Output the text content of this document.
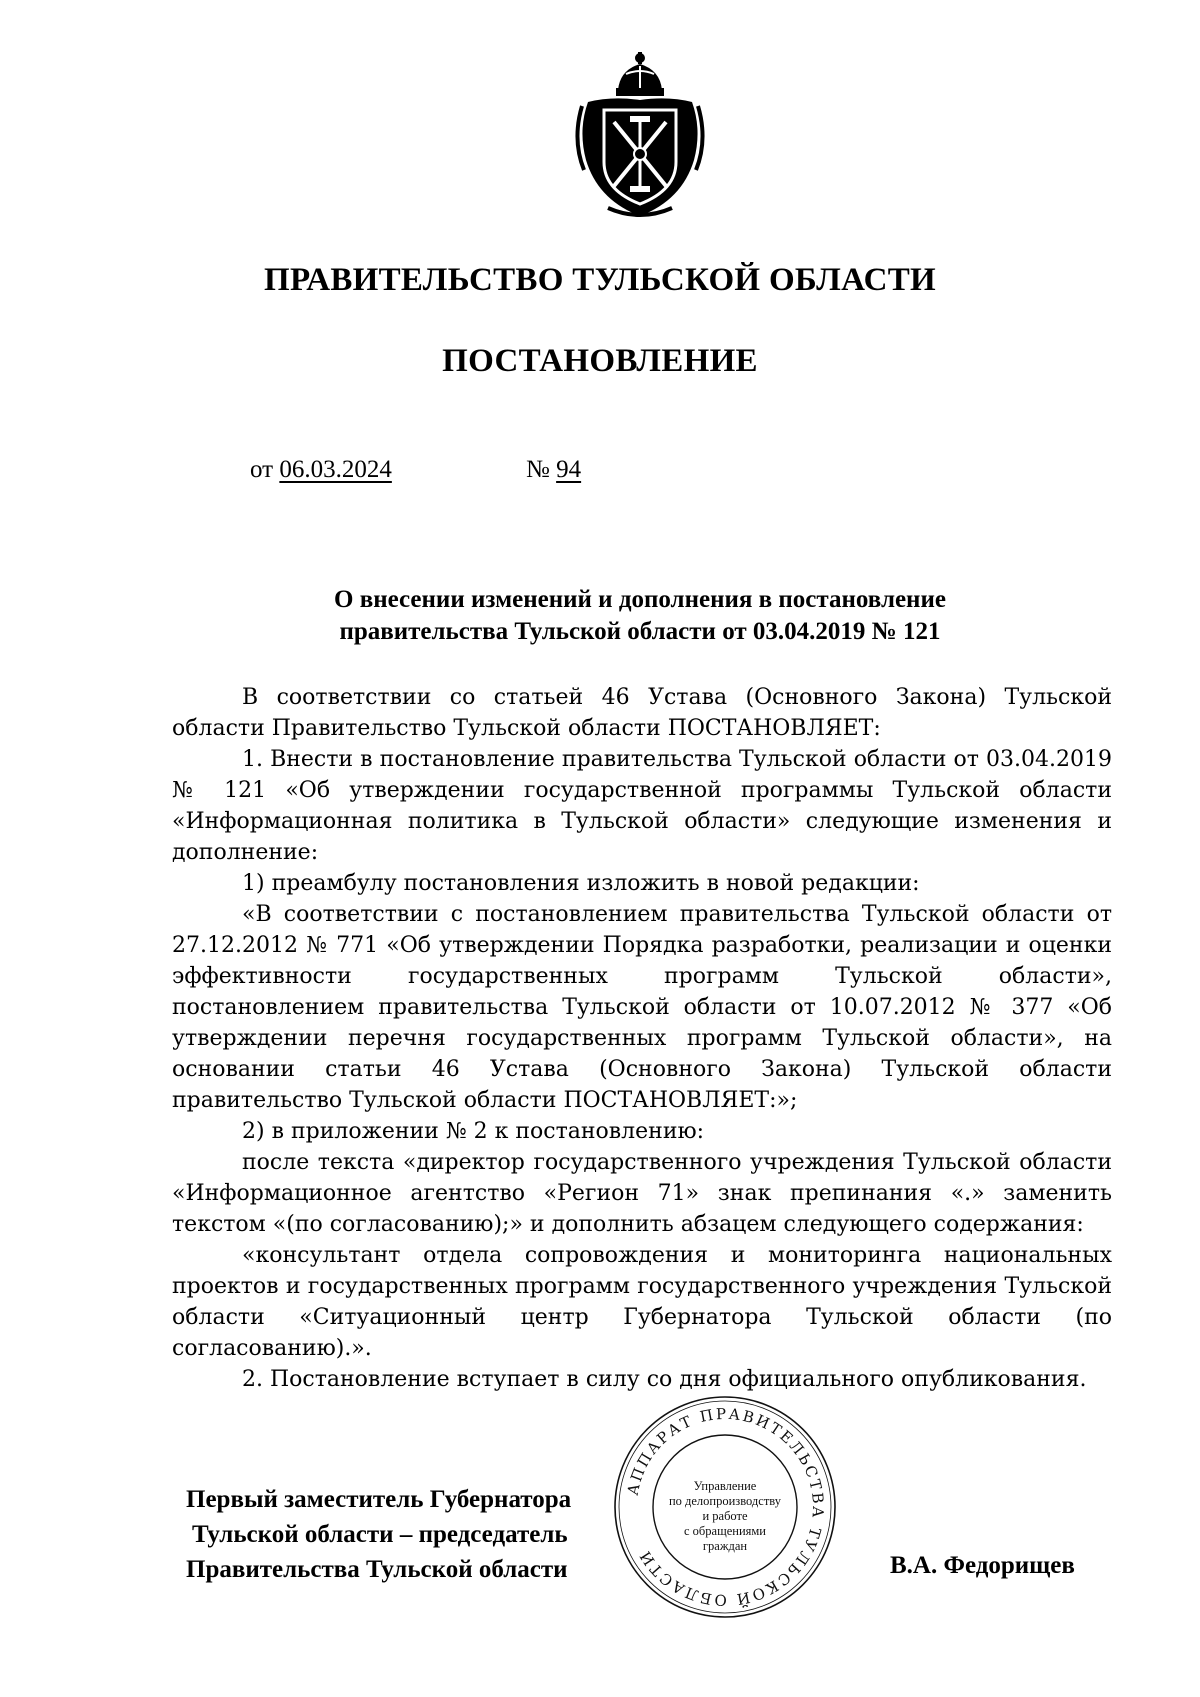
ПРАВИТЕЛЬСТВО ТУЛЬСКОЙ ОБЛАСТИ
ПОСТАНОВЛЕНИЕ
от 06.03.2024	№ 94
О внесении изменений и дополнения в постановление
правительства Тульской области от 03.04.2019 № 121

В соответствии со статьей 46 Устава (Основного Закона) Тульской области Правительство Тульской области ПОСТАНОВЛЯЕТ:

1. Внести в постановление правительства Тульской области от 03.04.2019 № 121 «Об утверждении государственной программы Тульской области «Информационная политика в Тульской области» следующие изменения и дополнение:

1) преамбулу постановления изложить в новой редакции:

«В соответствии с постановлением правительства Тульской области от 27.12.2012 № 771 «Об утверждении Порядка разработки, реализации и оценки эффективности государственных программ Тульской области», постановлением правительства Тульской области от 10.07.2012 № 377 «Об утверждении перечня государственных программ Тульской области», на основании статьи 46 Устава (Основного Закона) Тульской области правительство Тульской области ПОСТАНОВЛЯЕТ:»;

2) в приложении № 2 к постановлению:

после текста «директор государственного учреждения Тульской области «Информационное агентство «Регион 71» знак препинания «.» заменить текстом «(по согласованию);» и дополнить абзацем следующего содержания:

«консультант отдела сопровождения и мониторинга национальных проектов и государственных программ государственного учреждения Тульской области «Ситуационный центр Губернатора Тульской области (по согласованию).».

2. Постановление вступает в силу со дня официального опубликования.

АППАРАТ ПРАВИТЕЛЬСТВА ТУЛЬСКОЙ ОБЛАСТИ
Управление
по делопроизводству
и работе
с обращениями
граждан
Первый заместитель Губернатора
Тульской области – председатель
Правительства Тульской области	В.А. Федорищев
